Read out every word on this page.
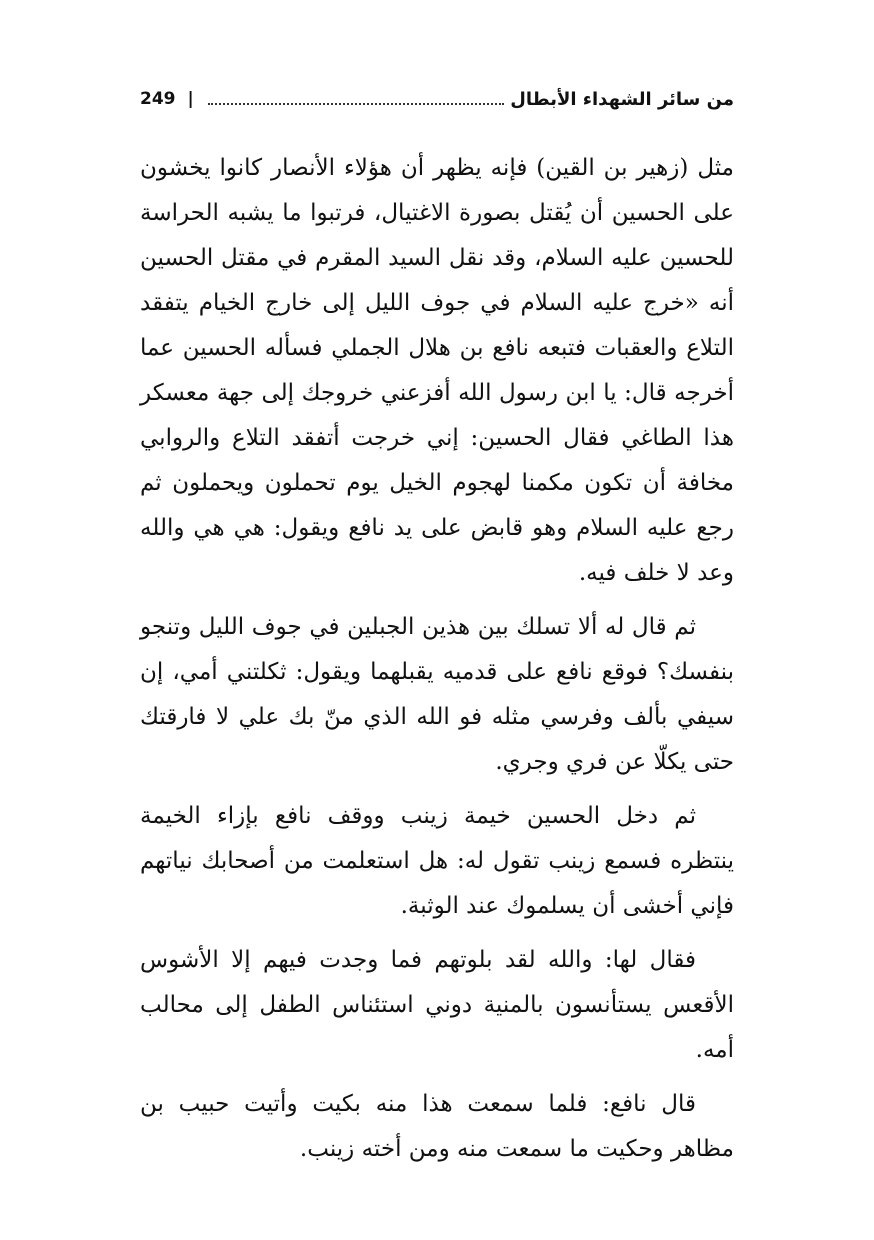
249 |	من سائر الشهداء الأبطال

مثل (زهير بن القين) فإنه يظهر أن هؤلاء الأنصار كانوا يخشون على الحسين أن يُقتل بصورة الاغتيال، فرتبوا ما يشبه الحراسة للحسين عليه السلام، وقد نقل السيد المقرم في مقتل الحسين أنه «خرج عليه السلام في جوف الليل إلى خارج الخيام يتفقد التلاع والعقبات فتبعه نافع بن هلال الجملي فسأله الحسين عما أخرجه قال: يا ابن رسول الله أفزعني خروجك إلى جهة معسكر هذا الطاغي فقال الحسين: إني خرجت أتفقد التلاع والروابي مخافة أن تكون مكمنا لهجوم الخيل يوم تحملون ويحملون ثم رجع عليه السلام وهو قابض على يد نافع ويقول: هي هي والله وعد لا خلف فيه.

ثم قال له ألا تسلك بين هذين الجبلين في جوف الليل وتنجو بنفسك؟ فوقع نافع على قدميه يقبلهما ويقول: ثكلتني أمي، إن سيفي بألف وفرسي مثله فو الله الذي منّ بك علي لا فارقتك حتى يكلّا عن فري وجري.

ثم دخل الحسين خيمة زينب ووقف نافع بإزاء الخيمة ينتظره فسمع زينب تقول له: هل استعلمت من أصحابك نياتهم فإني أخشى أن يسلموك عند الوثبة.

فقال لها: والله لقد بلوتهم فما وجدت فيهم إلا الأشوس الأقعس يستأنسون بالمنية دوني استئناس الطفل إلى محالب أمه.

قال نافع: فلما سمعت هذا منه بكيت وأتيت حبيب بن مظاهر وحكيت ما سمعت منه ومن أخته زينب.
